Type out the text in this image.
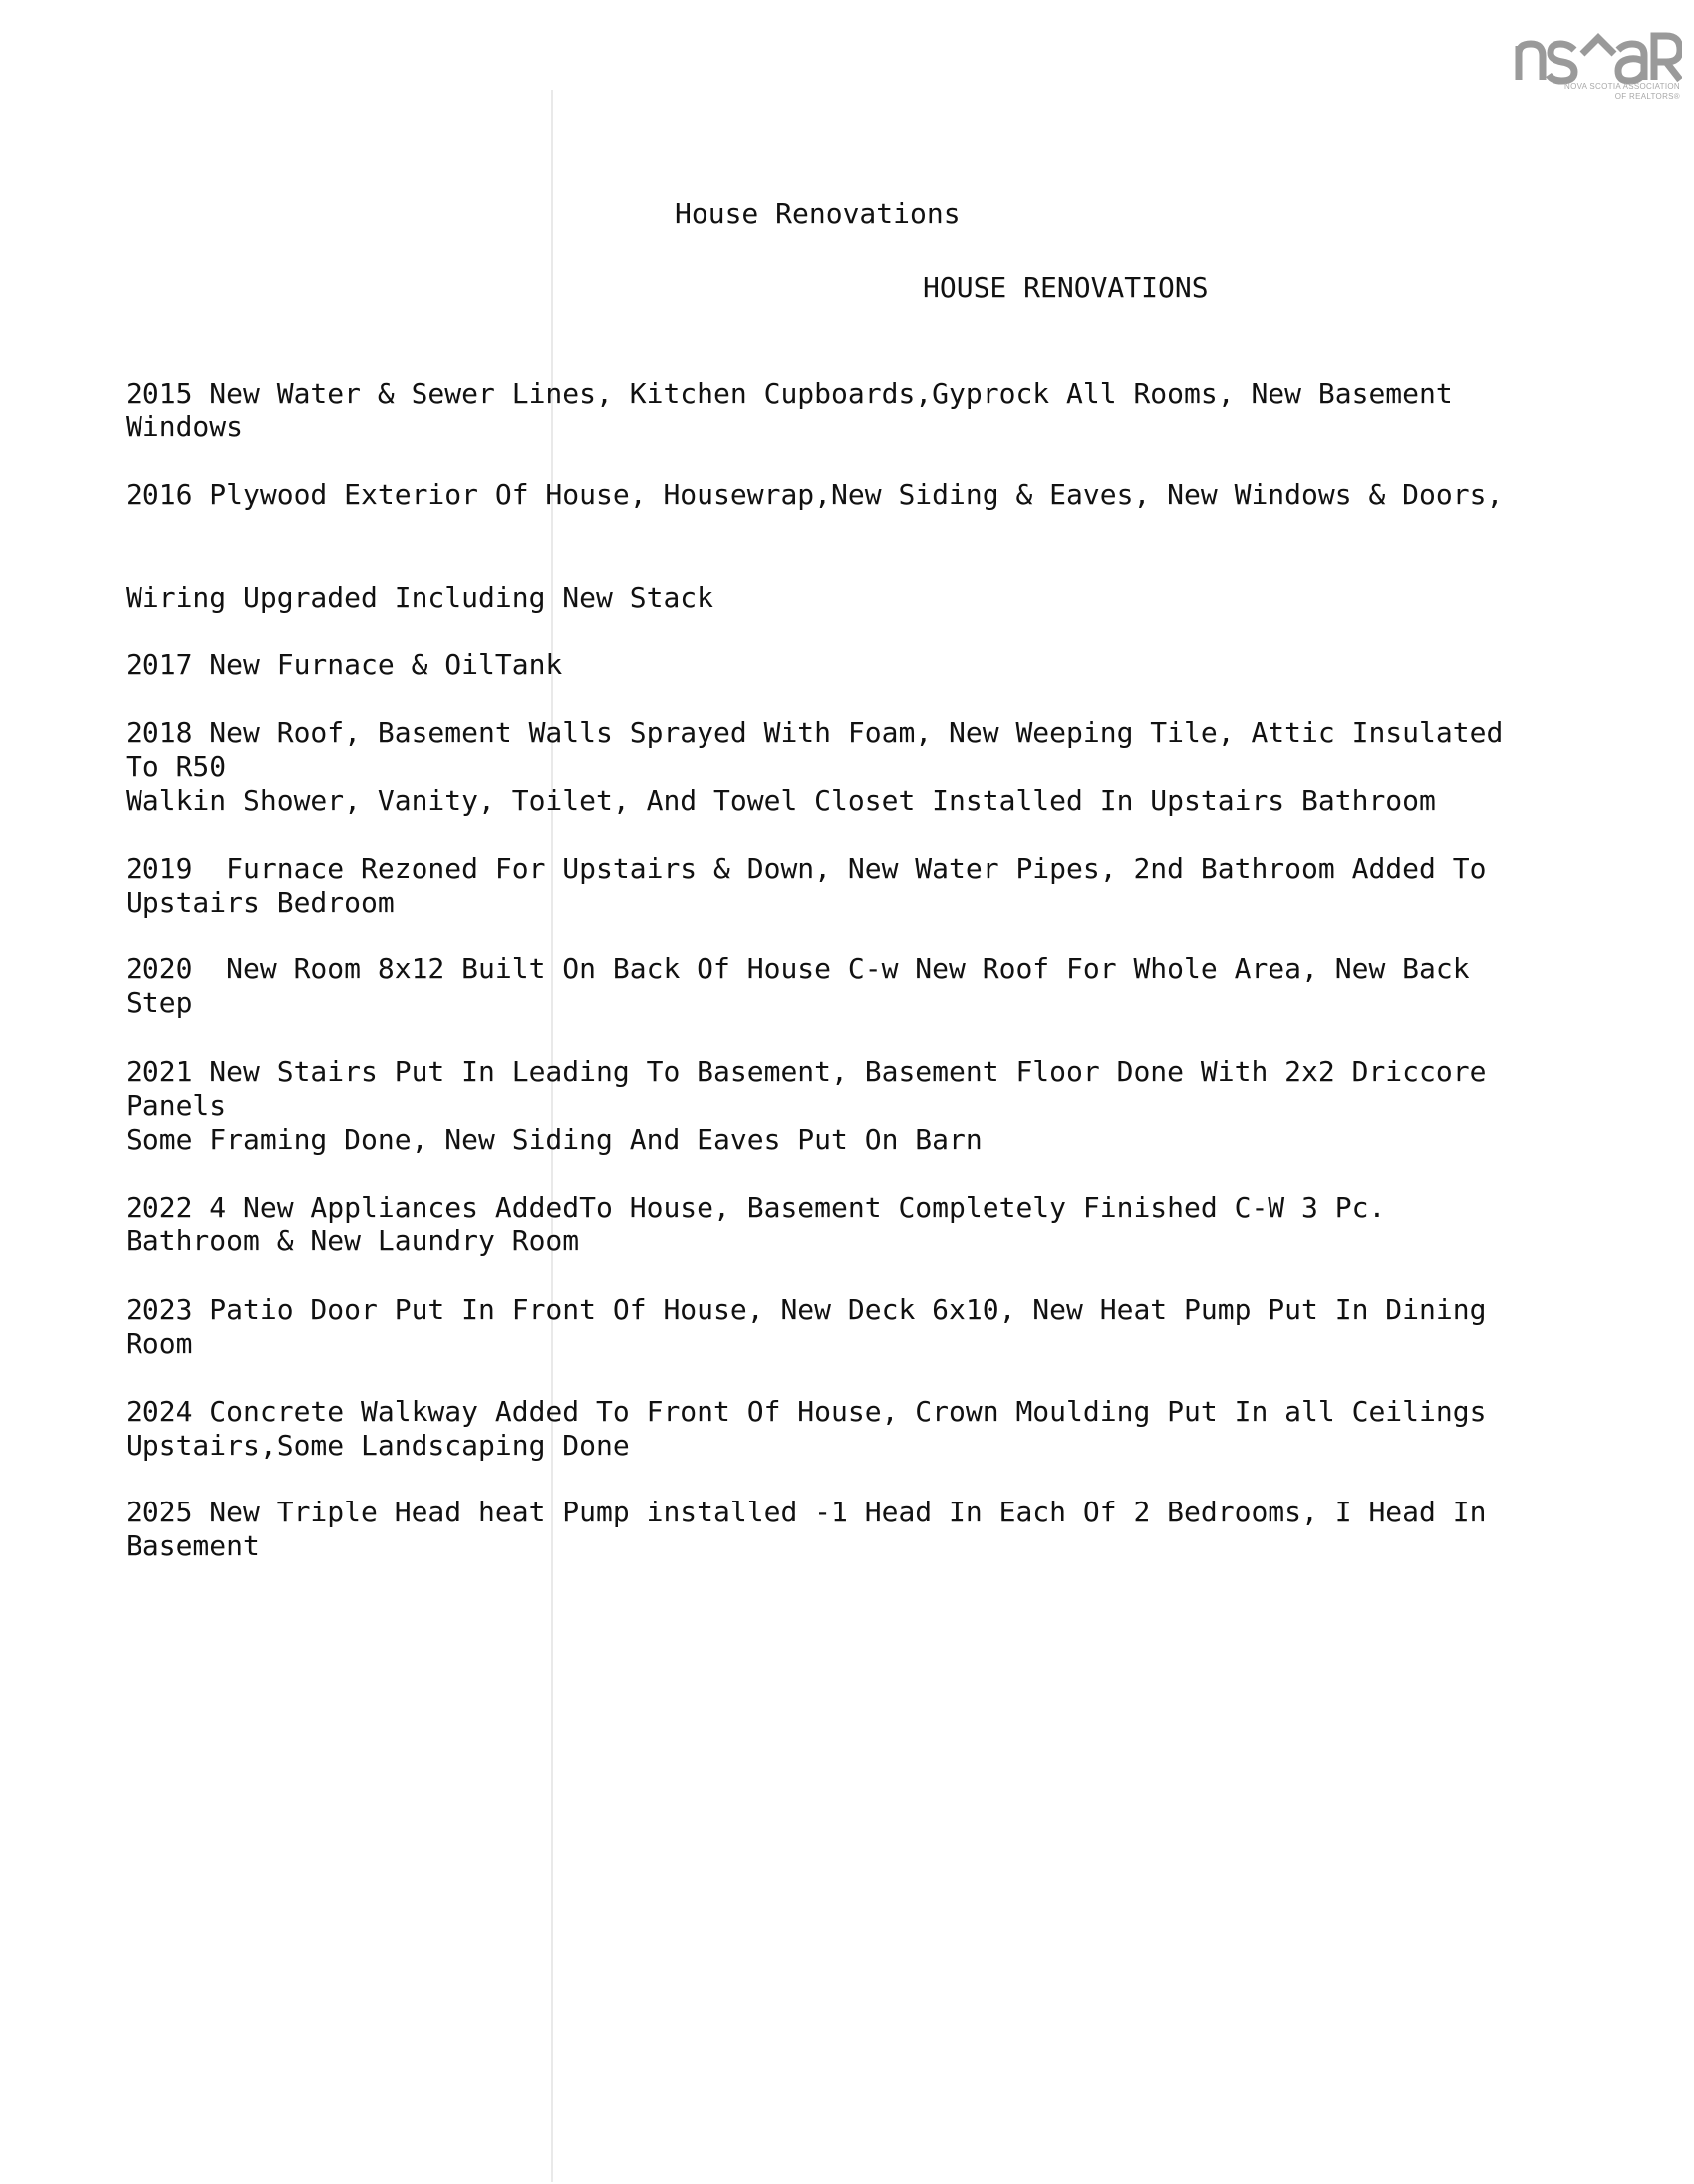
NOVA SCOTIA ASSOCIATION
OF REALTORS®
House Renovations
HOUSE RENOVATIONS
2015 New Water & Sewer Lines, Kitchen Cupboards,Gyprock All Rooms, New Basement
Windows
2016 Plywood Exterior Of House, Housewrap,New Siding & Eaves, New Windows & Doors,
Wiring Upgraded Including New Stack
2017 New Furnace & OilTank
2018 New Roof, Basement Walls Sprayed With Foam, New Weeping Tile, Attic Insulated
To R50
Walkin Shower, Vanity, Toilet, And Towel Closet Installed In Upstairs Bathroom
2019  Furnace Rezoned For Upstairs & Down, New Water Pipes, 2nd Bathroom Added To
Upstairs Bedroom
2020  New Room 8x12 Built On Back Of House C-w New Roof For Whole Area, New Back
Step
2021 New Stairs Put In Leading To Basement, Basement Floor Done With 2x2 Driccore
Panels
Some Framing Done, New Siding And Eaves Put On Barn
2022 4 New Appliances AddedTo House, Basement Completely Finished C-W 3 Pc.
Bathroom & New Laundry Room
2023 Patio Door Put In Front Of House, New Deck 6x10, New Heat Pump Put In Dining
Room
2024 Concrete Walkway Added To Front Of House, Crown Moulding Put In all Ceilings
Upstairs,Some Landscaping Done
2025 New Triple Head heat Pump installed -1 Head In Each Of 2 Bedrooms, I Head In
Basement
